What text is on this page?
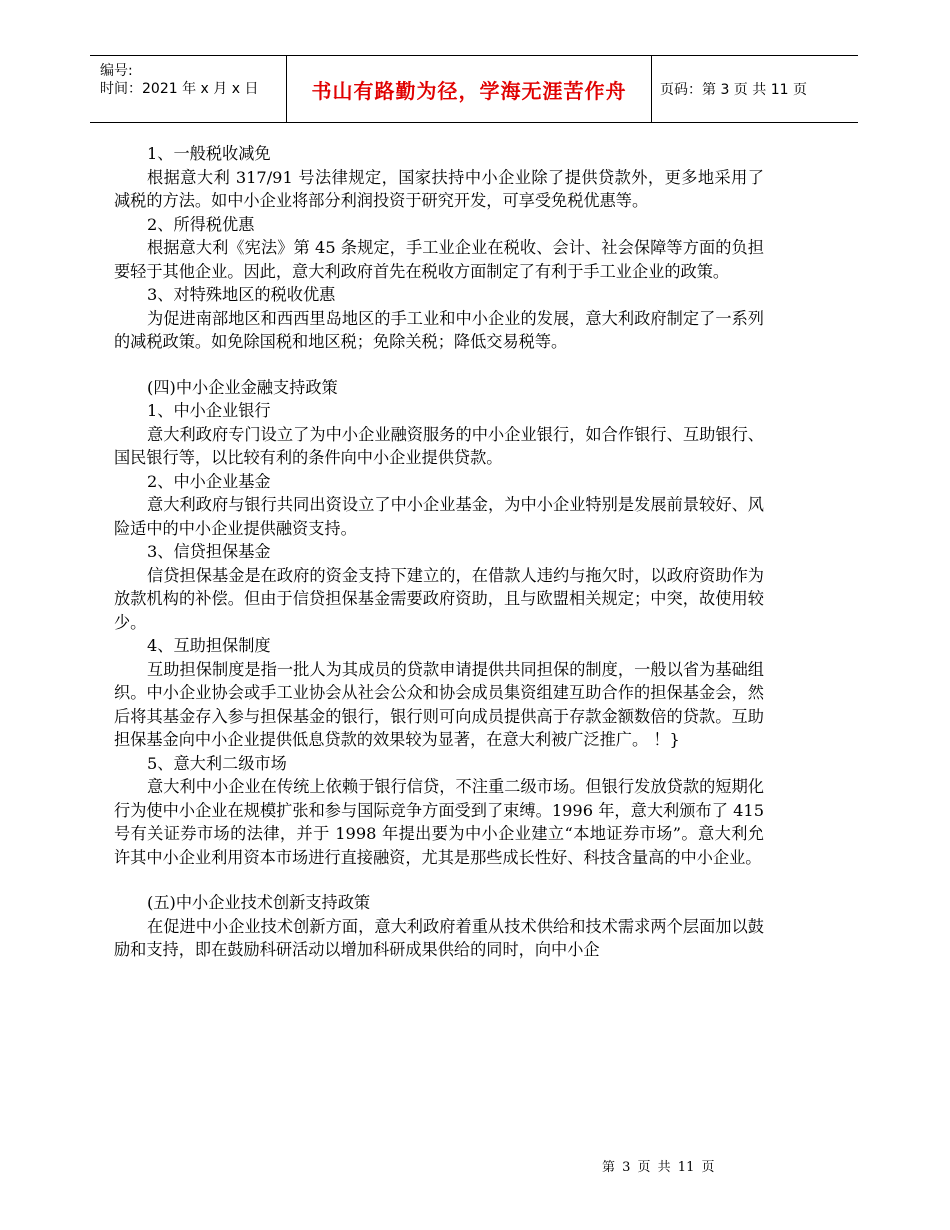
编号:
时间：2021 年 x 月 x 日	书山有路勤为径，学海无涯苦作舟	页码：第 3 页 共 11 页

1、一般税收减免

根据意大利 317/91 号法律规定，国家扶持中小企业除了提供贷款外，更多地采用了减税的方法。如中小企业将部分利润投资于研究开发，可享受免税优惠等。

2、所得税优惠

根据意大利《宪法》第 45 条规定，手工业企业在税收、会计、社会保障等方面的负担要轻于其他企业。因此，意大利政府首先在税收方面制定了有利于手工业企业的政策。

3、对特殊地区的税收优惠

为促进南部地区和西西里岛地区的手工业和中小企业的发展，意大利政府制定了一系列的减税政策。如免除国税和地区税；免除关税；降低交易税等。

(四)中小企业金融支持政策

1、中小企业银行

意大利政府专门设立了为中小企业融资服务的中小企业银行，如合作银行、互助银行、国民银行等，以比较有利的条件向中小企业提供贷款。

2、中小企业基金

意大利政府与银行共同出资设立了中小企业基金，为中小企业特别是发展前景较好、风险适中的中小企业提供融资支持。

3、信贷担保基金

信贷担保基金是在政府的资金支持下建立的，在借款人违约与拖欠时，以政府资助作为放款机构的补偿。但由于信贷担保基金需要政府资助，且与欧盟相关规定；中突，故使用较少。

4、互助担保制度

互助担保制度是指一批人为其成员的贷款申请提供共同担保的制度，一般以省为基础组织。中小企业协会或手工业协会从社会公众和协会成员集资组建互助合作的担保基金会，然后将其基金存入参与担保基金的银行，银行则可向成员提供高于存款金额数倍的贷款。互助担保基金向中小企业提供低息贷款的效果较为显著，在意大利被广泛推广。 ！}

5、意大利二级市场

意大利中小企业在传统上依赖于银行信贷，不注重二级市场。但银行发放贷款的短期化行为使中小企业在规模扩张和参与国际竞争方面受到了束缚。1996 年，意大利颁布了 415 号有关证券市场的法律，并于 1998 年提出要为中小企业建立“本地证券市场”。意大利允许其中小企业利用资本市场进行直接融资，尤其是那些成长性好、科技含量高的中小企业。

(五)中小企业技术创新支持政策

在促进中小企业技术创新方面，意大利政府着重从技术供给和技术需求两个层面加以鼓励和支持，即在鼓励科研活动以增加科研成果供给的同时，向中小企

第 3 页 共 11 页
